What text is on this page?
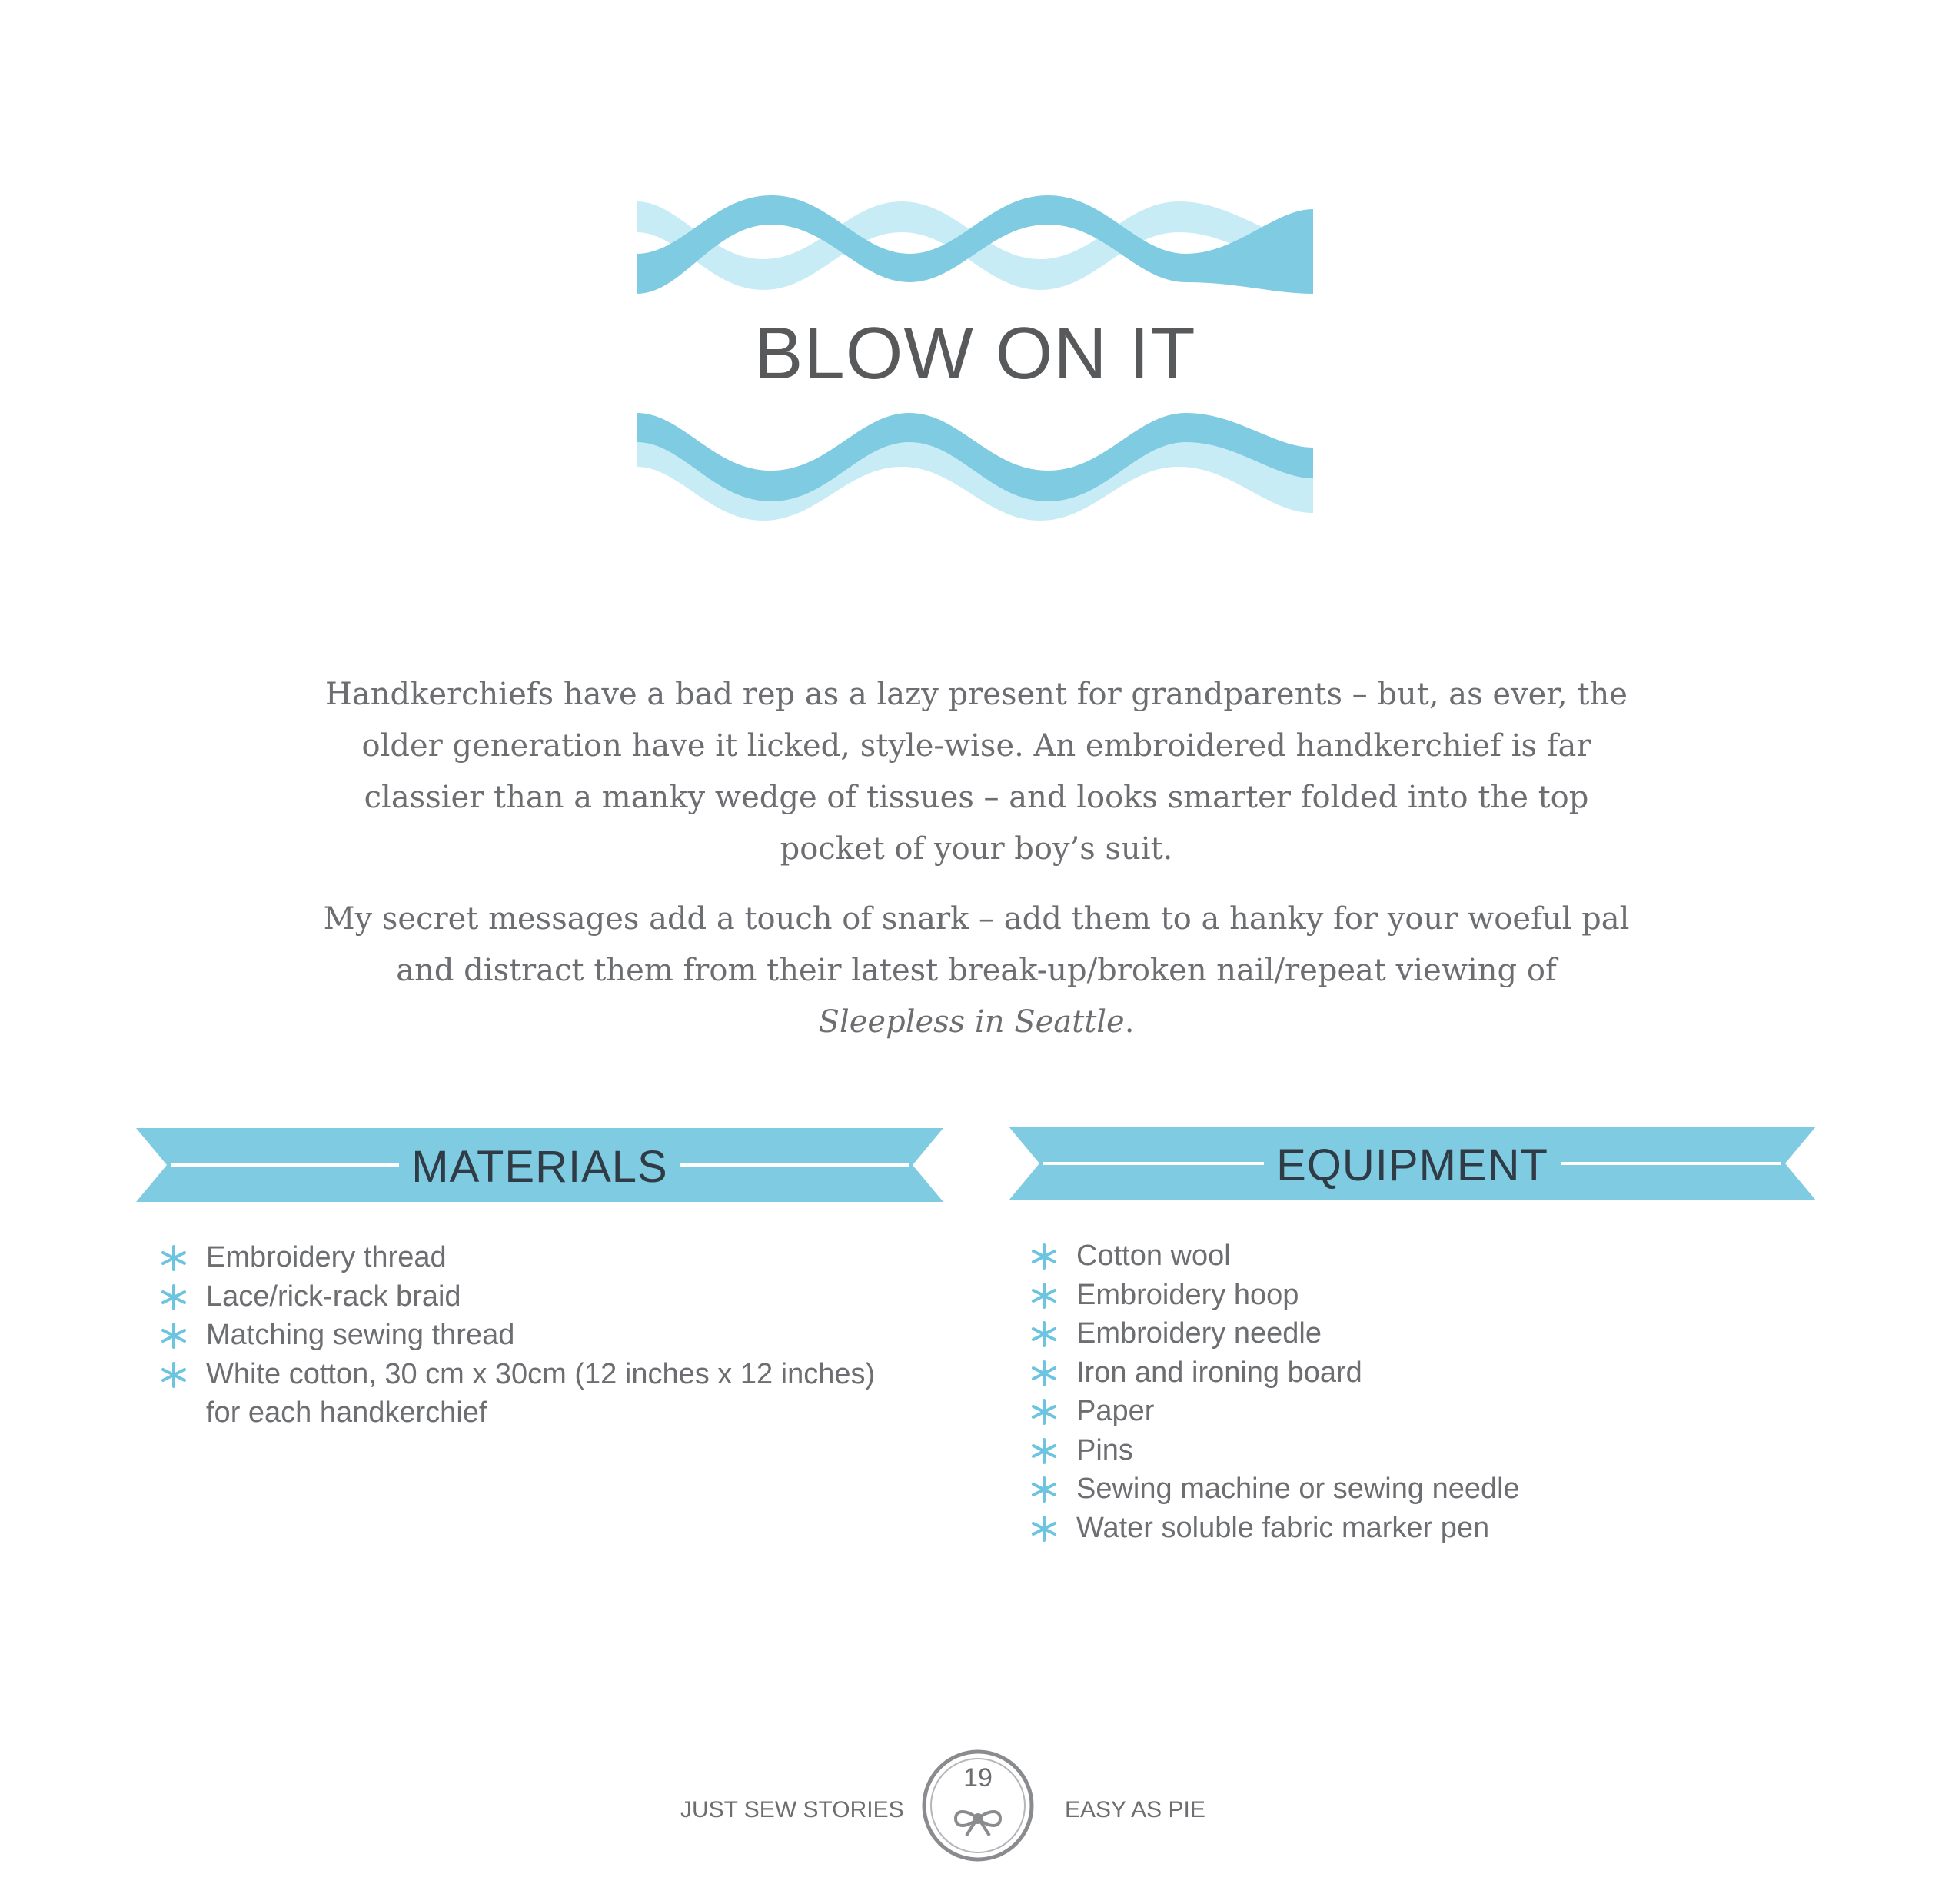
BLOW ON IT

Handkerchiefs have a bad rep as a lazy present for grandparents – but, as ever, the older generation have it licked, style-wise. An embroidered handkerchief is far classier than a manky wedge of tissues – and looks smarter folded into the top pocket of your boy’s suit.

My secret messages add a touch of snark – add them to a hanky for your woeful pal and distract them from their latest break-up/broken nail/repeat viewing of Sleepless in Seattle.

MATERIALS
Embroidery thread
Lace/rick-rack braid
Matching sewing thread
White cotton, 30 cm x 30cm (12 inches x 12 inches)
for each handkerchief
EQUIPMENT
Cotton wool
Embroidery hoop
Embroidery needle
Iron and ironing board
Paper
Pins
Sewing machine or sewing needle
Water soluble fabric marker pen
JUST SEW STORIES
19
EASY AS PIE
